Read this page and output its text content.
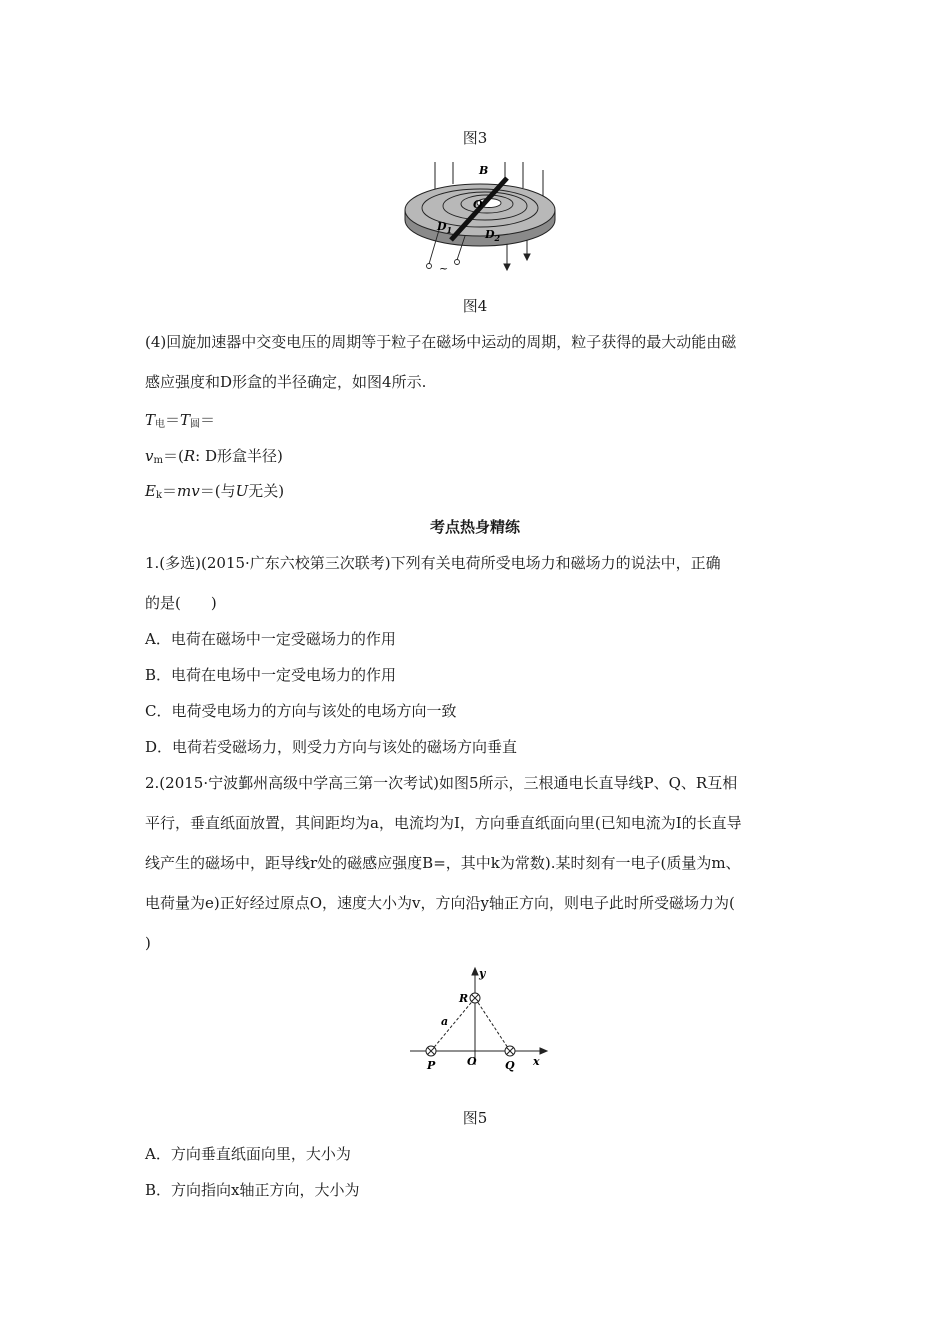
图3
B
O
$D_1$	$D_2$
~
图4
(4)回旋加速器中交变电压的周期等于粒子在磁场中运动的周期，粒子获得的最大动能由磁
感应强度和D形盒的半径确定，如图4所示.
$T_电=T_圆=$
$v_m=(R$: D形盒半径)
$E_k=mv=$(与U无关)
考点热身精练
1.(多选)(2015·广东六校第三次联考)下列有关电荷所受电场力和磁场力的说法中，正确
的是(　　)
A．电荷在磁场中一定受磁场力的作用
B．电荷在电场中一定受电场力的作用
C．电荷受电场力的方向与该处的电场方向一致
D．电荷若受磁场力，则受力方向与该处的磁场方向垂直
2.(2015·宁波鄞州高级中学高三第一次考试)如图5所示，三根通电长直导线P、Q、R互相
平行，垂直纸面放置，其间距均为a，电流均为I，方向垂直纸面向里(已知电流为I的长直导
线产生的磁场中，距导线r处的磁感应强度B=，其中k为常数).某时刻有一电子(质量为m、
电荷量为e)正好经过原点O，速度大小为v，方向沿y轴正方向，则电子此时所受磁场力为(
)
y
x
R
P	Q
O
a
图5
A．方向垂直纸面向里，大小为
B．方向指向x轴正方向，大小为
